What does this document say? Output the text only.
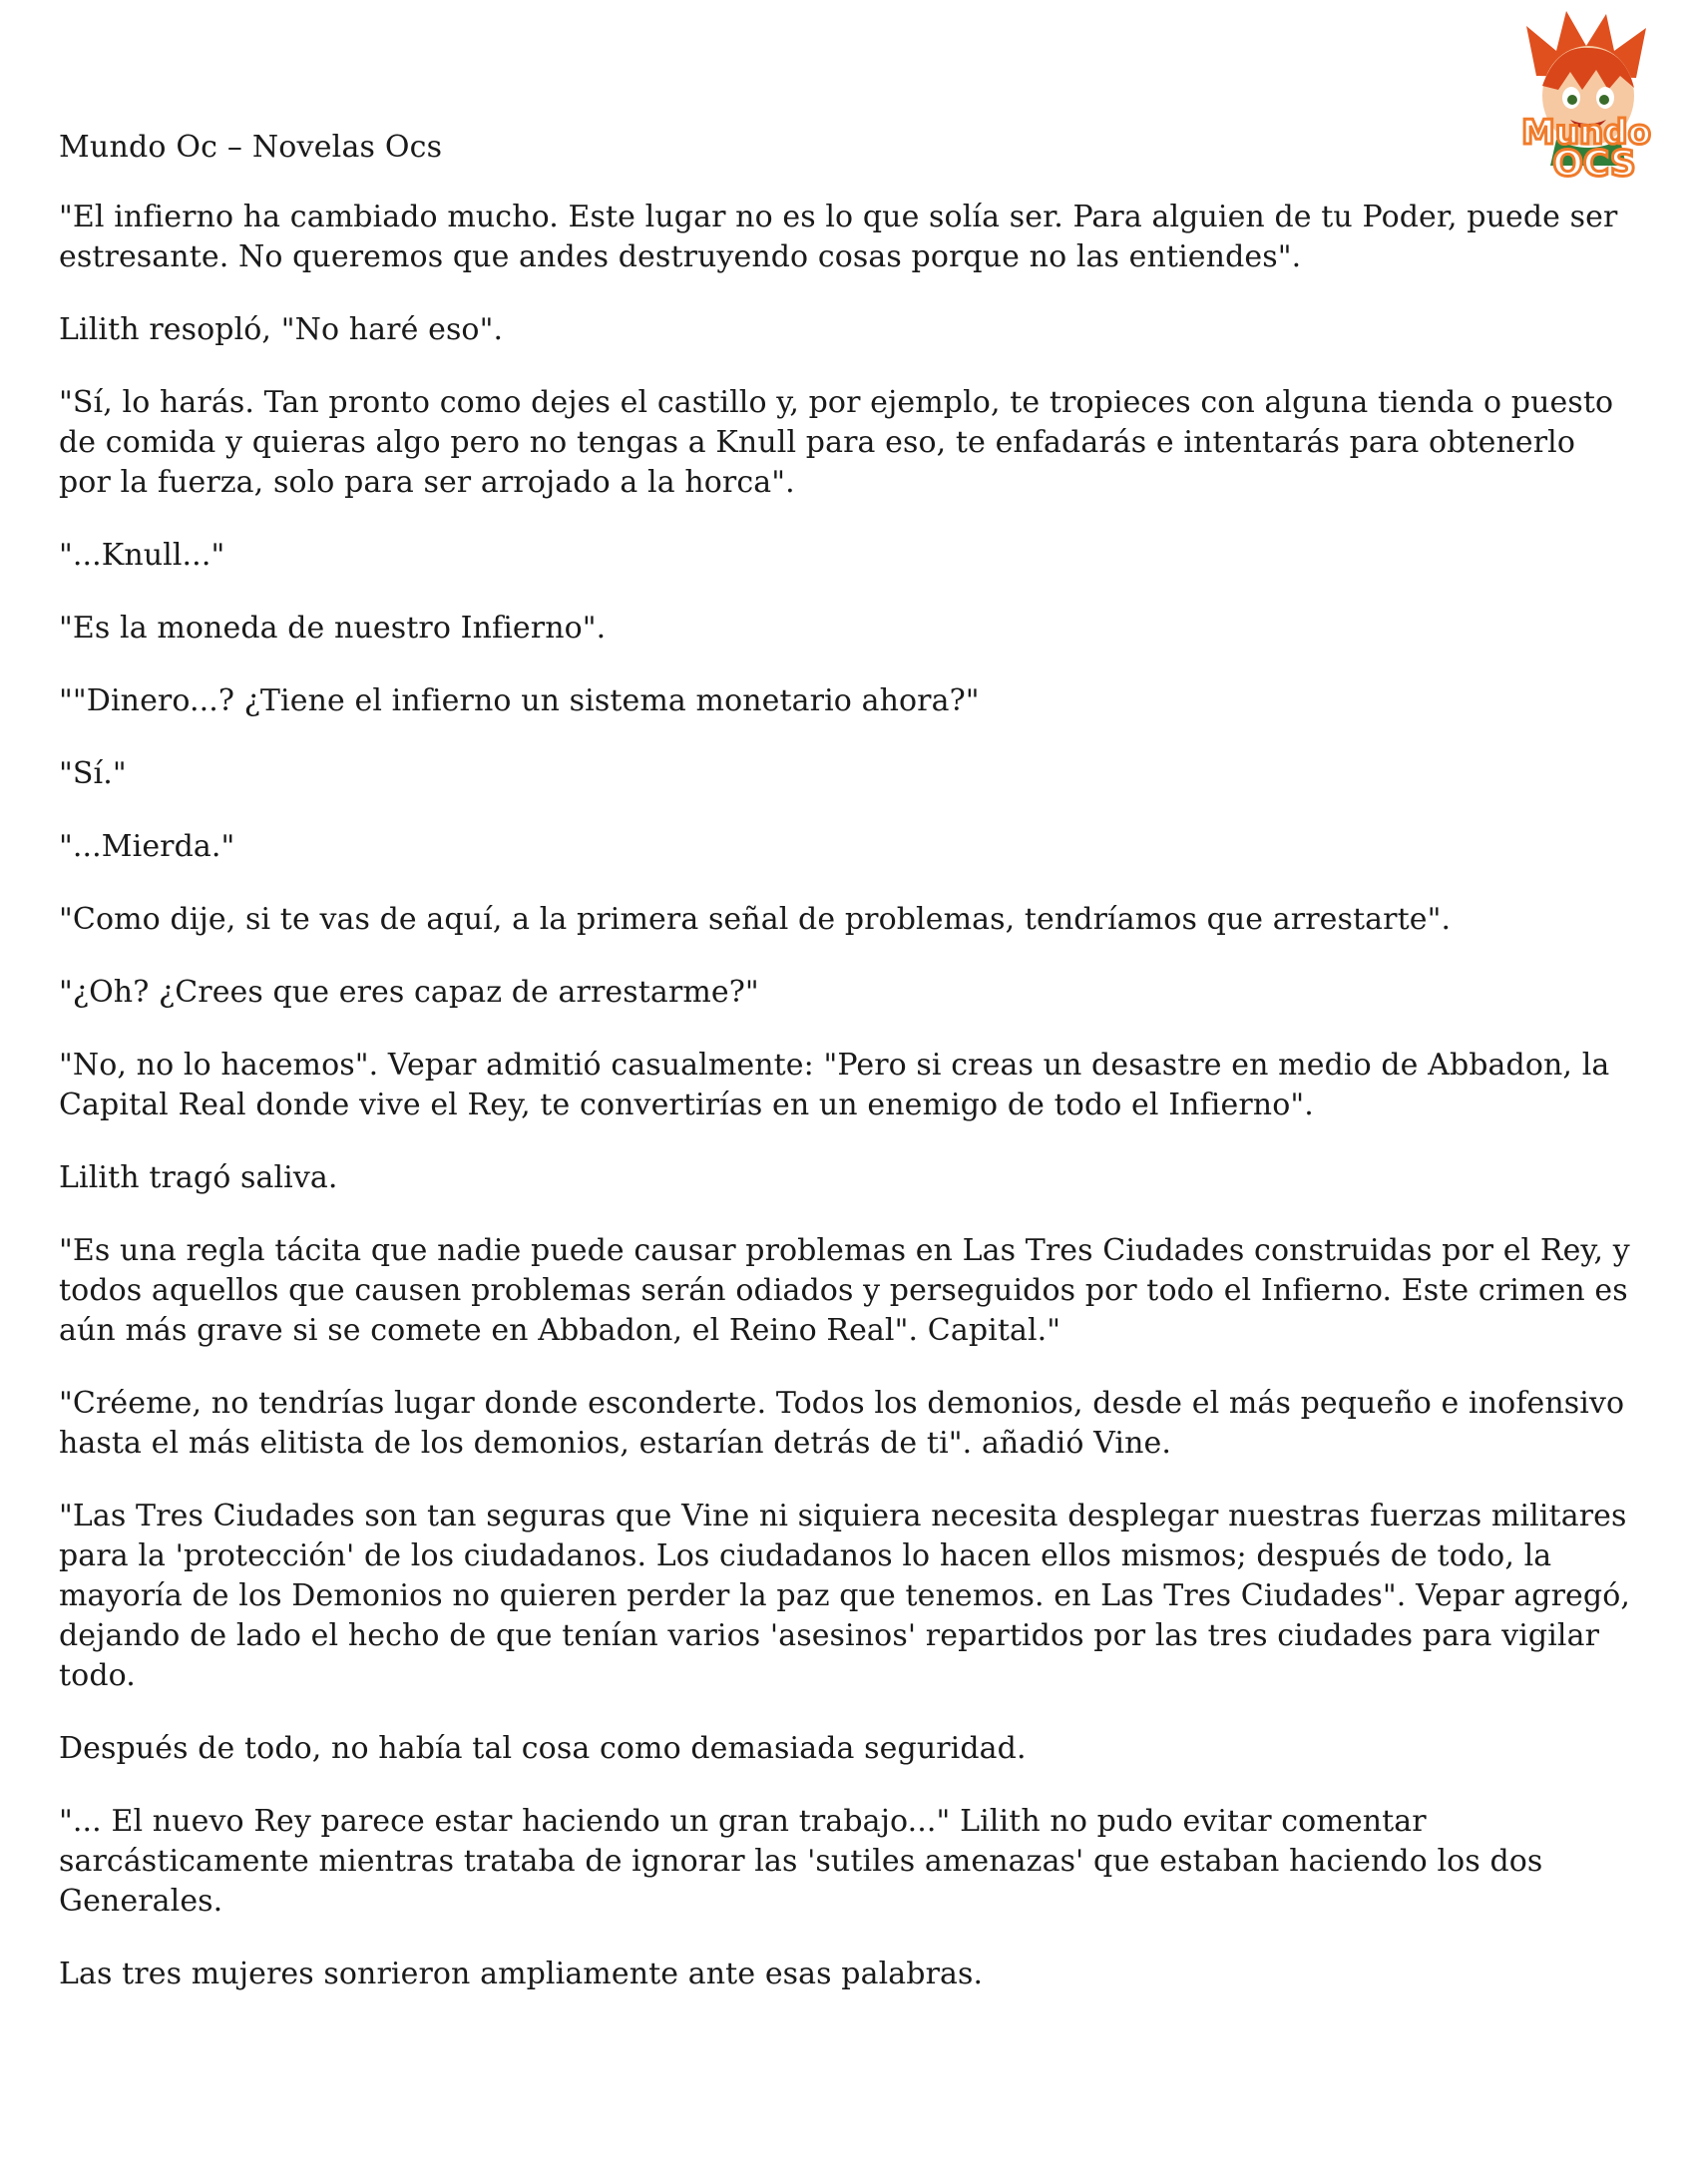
Mundo
OCS
Mundo Oc – Novelas Ocs

"El infierno ha cambiado mucho. Este lugar no es lo que solía ser. Para alguien de tu Poder, puede ser estresante. No queremos que andes destruyendo cosas porque no las entiendes".

Lilith resopló, "No haré eso".

"Sí, lo harás. Tan pronto como dejes el castillo y, por ejemplo, te tropieces con alguna tienda o puesto de comida y quieras algo pero no tengas a Knull para eso, te enfadarás e intentarás para obtenerlo por la fuerza, solo para ser arrojado a la horca".

"...Knull..."

"Es la moneda de nuestro Infierno".

""Dinero...? ¿Tiene el infierno un sistema monetario ahora?"

"Sí."

"...Mierda."

"Como dije, si te vas de aquí, a la primera señal de problemas, tendríamos que arrestarte".

"¿Oh? ¿Crees que eres capaz de arrestarme?"

"No, no lo hacemos". Vepar admitió casualmente: "Pero si creas un desastre en medio de Abbadon, la Capital Real donde vive el Rey, te convertirías en un enemigo de todo el Infierno".

Lilith tragó saliva.

"Es una regla tácita que nadie puede causar problemas en Las Tres Ciudades construidas por el Rey, y todos aquellos que causen problemas serán odiados y perseguidos por todo el Infierno. Este crimen es aún más grave si se comete en Abbadon, el Reino Real". Capital."

"Créeme, no tendrías lugar donde esconderte. Todos los demonios, desde el más pequeño e inofensivo hasta el más elitista de los demonios, estarían detrás de ti". añadió Vine.

"Las Tres Ciudades son tan seguras que Vine ni siquiera necesita desplegar nuestras fuerzas militares para la 'protección' de los ciudadanos. Los ciudadanos lo hacen ellos mismos; después de todo, la mayoría de los Demonios no quieren perder la paz que tenemos. en Las Tres Ciudades". Vepar agregó, dejando de lado el hecho de que tenían varios 'asesinos' repartidos por las tres ciudades para vigilar todo.

Después de todo, no había tal cosa como demasiada seguridad.

"... El nuevo Rey parece estar haciendo un gran trabajo..." Lilith no pudo evitar comentar sarcásticamente mientras trataba de ignorar las 'sutiles amenazas' que estaban haciendo los dos Generales.

Las tres mujeres sonrieron ampliamente ante esas palabras.
